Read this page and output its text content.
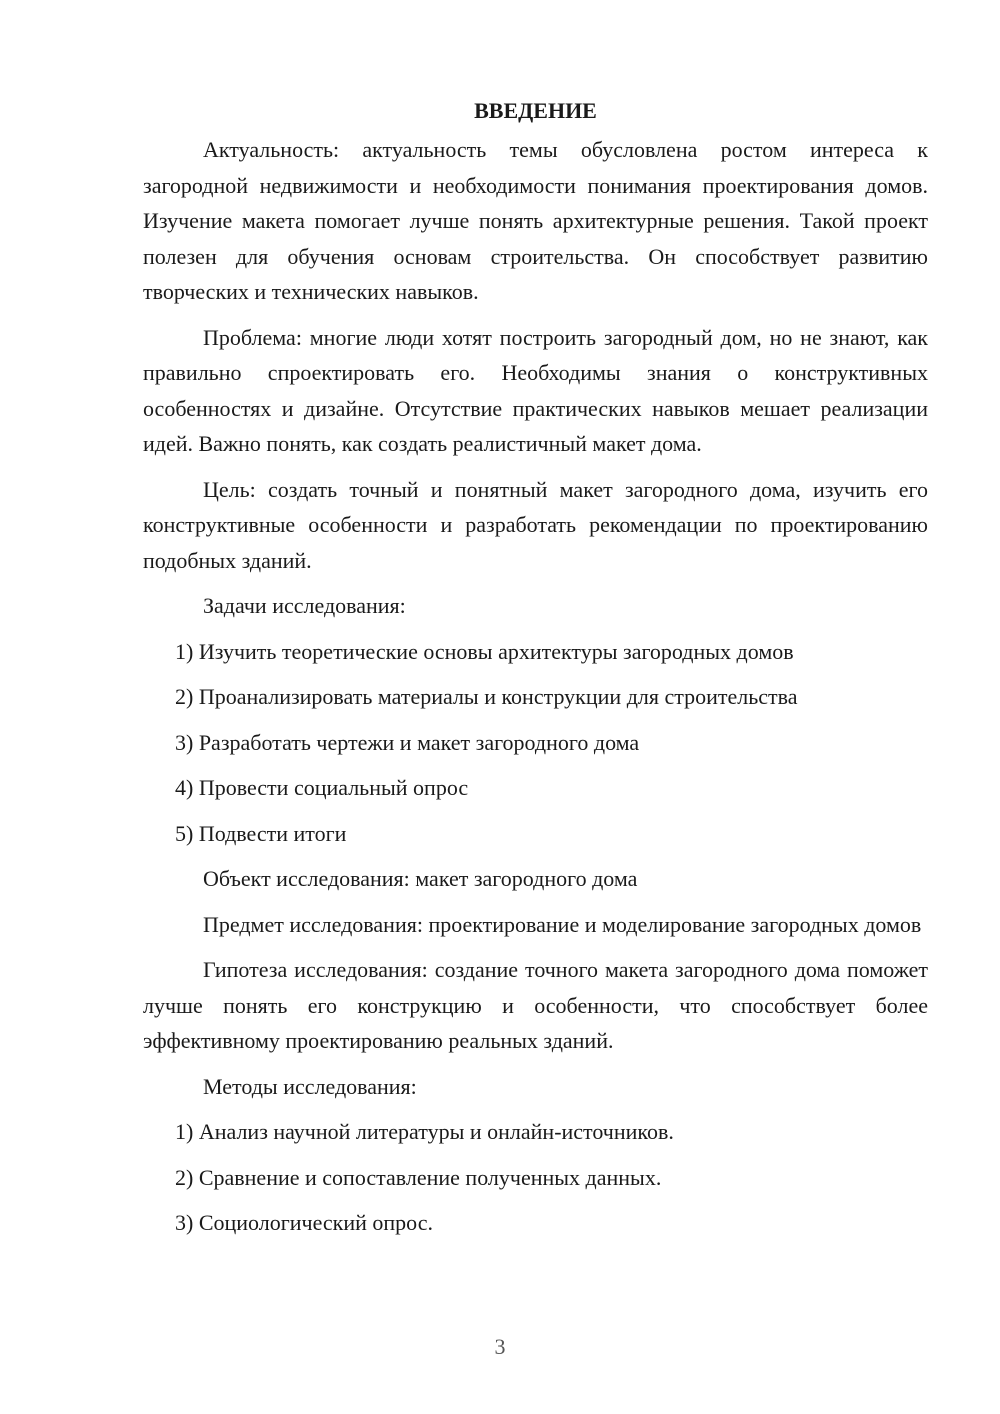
ВВЕДЕНИЕ

Актуальность: актуальность темы обусловлена ростом интереса к загородной недвижимости и необходимости понимания проектирования домов. Изучение макета помогает лучше понять архитектурные решения. Такой проект полезен для обучения основам строительства. Он способствует развитию творческих и технических навыков.

Проблема: многие люди хотят построить загородный дом, но не знают, как правильно спроектировать его. Необходимы знания о конструктивных особенностях и дизайне. Отсутствие практических навыков мешает реализации идей. Важно понять, как создать реалистичный макет дома.

Цель: создать точный и понятный макет загородного дома, изучить его конструктивные особенности и разработать рекомендации по проектированию подобных зданий.

Задачи исследования:

1) Изучить теоретические основы архитектуры загородных домов

2) Проанализировать материалы и конструкции для строительства

3) Разработать чертежи и макет загородного дома

4) Провести социальный опрос

5) Подвести итоги

Объект исследования: макет загородного дома

Предмет исследования: проектирование и моделирование загородных домов

Гипотеза исследования: создание точного макета загородного дома поможет лучше понять его конструкцию и особенности, что способствует более эффективному проектированию реальных зданий.

Методы исследования:

1) Анализ научной литературы и онлайн-источников.

2) Сравнение и сопоставление полученных данных.

3) Социологический опрос.

3
